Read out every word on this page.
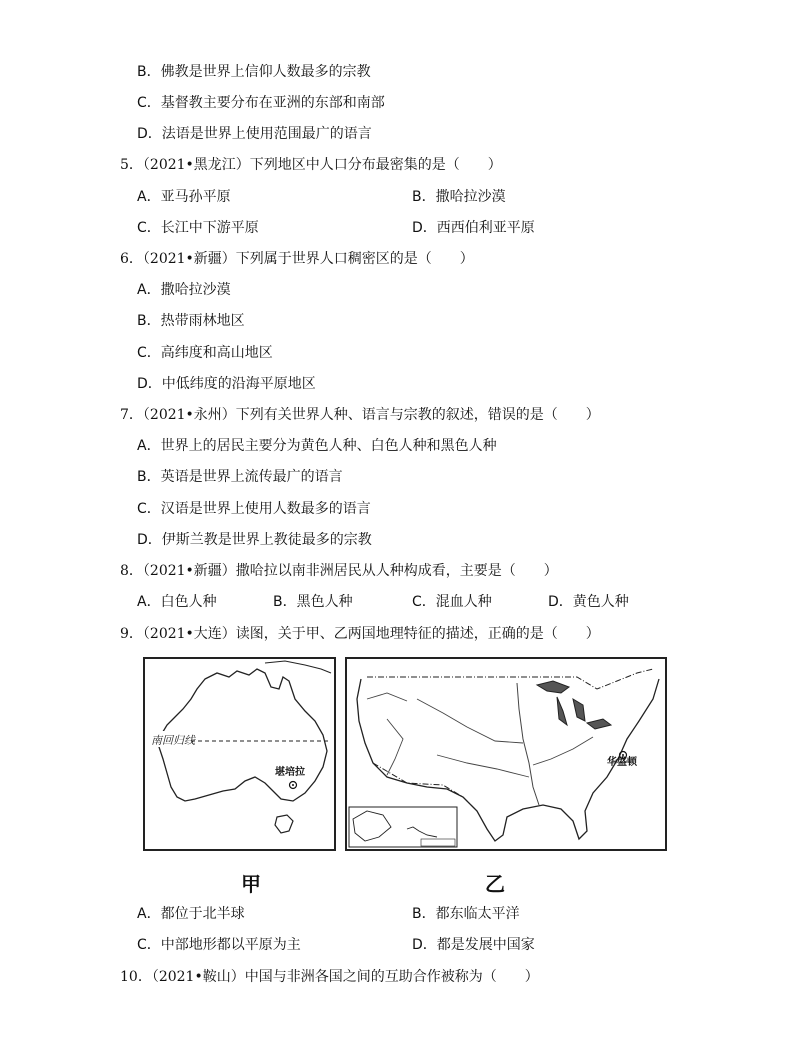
B．佛教是世界上信仰人数最多的宗教
C．基督教主要分布在亚洲的东部和南部
D．法语是世界上使用范围最广的语言
5．（2021•黑龙江）下列地区中人口分布最密集的是（　　）
A．亚马孙平原	B．撒哈拉沙漠
C．长江中下游平原	D．西西伯利亚平原
6．（2021•新疆）下列属于世界人口稠密区的是（　　）
A．撒哈拉沙漠
B．热带雨林地区
C．高纬度和高山地区
D．中低纬度的沿海平原地区
7．（2021•永州）下列有关世界人种、语言与宗教的叙述，错误的是（　　）
A．世界上的居民主要分为黄色人种、白色人种和黑色人种
B．英语是世界上流传最广的语言
C．汉语是世界上使用人数最多的语言
D．伊斯兰教是世界上教徒最多的宗教
8．（2021•新疆）撒哈拉以南非洲居民从人种构成看，主要是（　　）
A．白色人种	B．黑色人种	C．混血人种	D．黄色人种
9．（2021•大连）读图，关于甲、乙两国地理特征的描述，正确的是（　　）
南回归线
堪培拉
甲
华盛顿
乙
A．都位于北半球	B．都东临太平洋
C．中部地形都以平原为主	D．都是发展中国家
10．（2021•鞍山）中国与非洲各国之间的互助合作被称为（　　）
